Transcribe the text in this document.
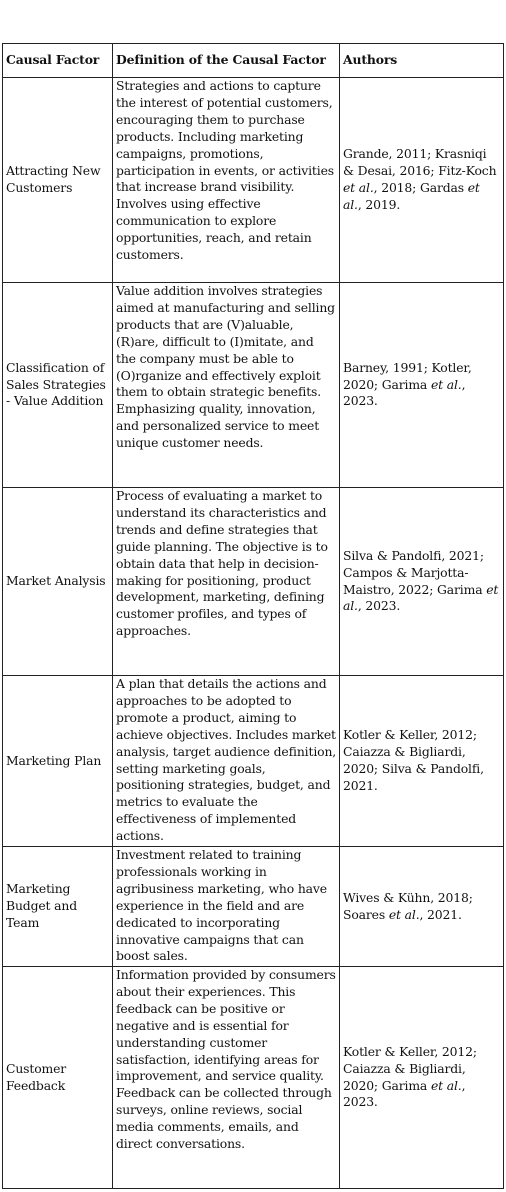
Causal Factor	Definition of the Causal Factor	Authors
Attracting New Customers	Strategies and actions to capture the interest of potential customers, encouraging them to purchase products. Including marketing campaigns, promotions, participation in events, or activities that increase brand visibility. Involves using effective communication to explore opportunities, reach, and retain customers.	Grande, 2011; Krasniqi & Desai, 2016; Fitz-Koch et al., 2018; Gardas et al., 2019.
Classification of Sales Strategies - Value Addition	Value addition involves strategies aimed at manufacturing and selling products that are (V)aluable, (R)are, difficult to (I)mitate, and the company must be able to (O)rganize and effectively exploit them to obtain strategic benefits. Emphasizing quality, innovation, and personalized service to meet unique customer needs.	Barney, 1991; Kotler, 2020; Garima et al., 2023.
Market Analysis	Process of evaluating a market to understand its characteristics and trends and define strategies that guide planning. The objective is to obtain data that help in decision-making for positioning, product development, marketing, defining customer profiles, and types of approaches.	Silva & Pandolfi, 2021; Campos & Marjotta-Maistro, 2022; Garima et al., 2023.
Marketing Plan	A plan that details the actions and approaches to be adopted to promote a product, aiming to achieve objectives. Includes market analysis, target audience definition, setting marketing goals, positioning strategies, budget, and metrics to evaluate the effectiveness of implemented actions.	Kotler & Keller, 2012; Caiazza & Bigliardi, 2020; Silva & Pandolfi, 2021.
Marketing Budget and Team	Investment related to training professionals working in agribusiness marketing, who have experience in the field and are dedicated to incorporating innovative campaigns that can boost sales.	Wives & Kühn, 2018; Soares et al., 2021.
Customer Feedback	Information provided by consumers about their experiences. This feedback can be positive or negative and is essential for understanding customer satisfaction, identifying areas for improvement, and service quality. Feedback can be collected through surveys, online reviews, social media comments, emails, and direct conversations.	Kotler & Keller, 2012; Caiazza & Bigliardi, 2020; Garima et al., 2023.
